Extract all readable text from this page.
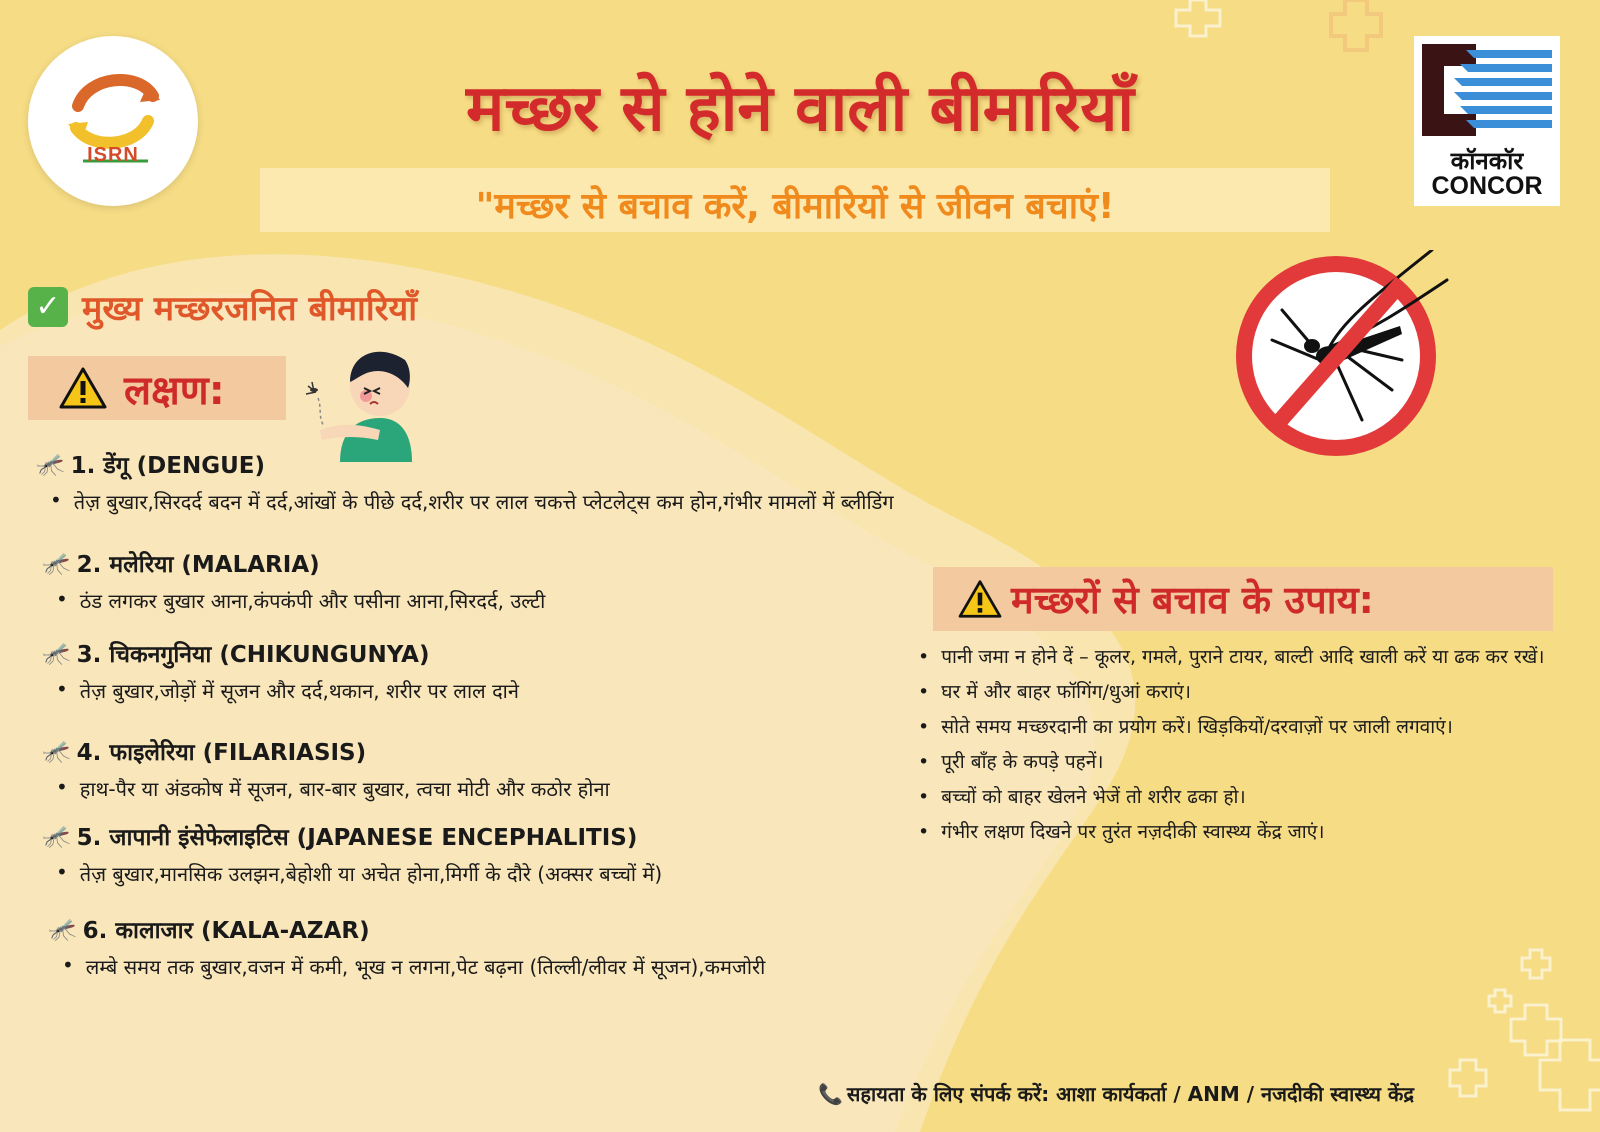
ISRN
मच्छर से होने वाली बीमारियाँ
"मच्छर से बचाव करें, बीमारियों से जीवन बचाएं!
कॉनकॉर
CONCOR
✓ मुख्य मच्छरजनित बीमारियाँ
लक्षण:
🦟 1. डेंगू (DENGUE)
• तेज़ बुखार,सिरदर्द बदन में दर्द,आंखों के पीछे दर्द,शरीर पर लाल चकत्ते प्लेटलेट्स कम होन,गंभीर मामलों में ब्लीडिंग
🦟 2. मलेरिया (MALARIA)
• ठंड लगकर बुखार आना,कंपकंपी और पसीना आना,सिरदर्द, उल्टी
🦟 3. चिकनगुनिया (CHIKUNGUNYA)
• तेज़ बुखार,जोड़ों में सूजन और दर्द,थकान, शरीर पर लाल दाने
🦟 4. फाइलेरिया (FILARIASIS)
• हाथ-पैर या अंडकोष में सूजन, बार-बार बुखार, त्वचा मोटी और कठोर होना
🦟 5. जापानी इंसेफेलाइटिस (JAPANESE ENCEPHALITIS)
• तेज़ बुखार,मानसिक उलझन,बेहोशी या अचेत होना,मिर्गी के दौरे (अक्सर बच्चों में)
🦟 6. कालाजार (KALA-AZAR)
• लम्बे समय तक बुखार,वजन में कमी, भूख न लगना,पेट बढ़ना (तिल्ली/लीवर में सूजन),कमजोरी
मच्छरों से बचाव के उपाय:
• पानी जमा न होने दें – कूलर, गमले, पुराने टायर, बाल्टी आदि खाली करें या ढक कर रखें।
• घर में और बाहर फॉगिंग/धुआं कराएं।
• सोते समय मच्छरदानी का प्रयोग करें। खिड़कियों/दरवाज़ों पर जाली लगवाएं।
• पूरी बाँह के कपड़े पहनें।
• बच्चों को बाहर खेलने भेजें तो शरीर ढका हो।
• गंभीर लक्षण दिखने पर तुरंत नज़दीकी स्वास्थ्य केंद्र जाएं।
📞 सहायता के लिए संपर्क करें: आशा कार्यकर्ता / ANM / नजदीकी स्वास्थ्य केंद्र
